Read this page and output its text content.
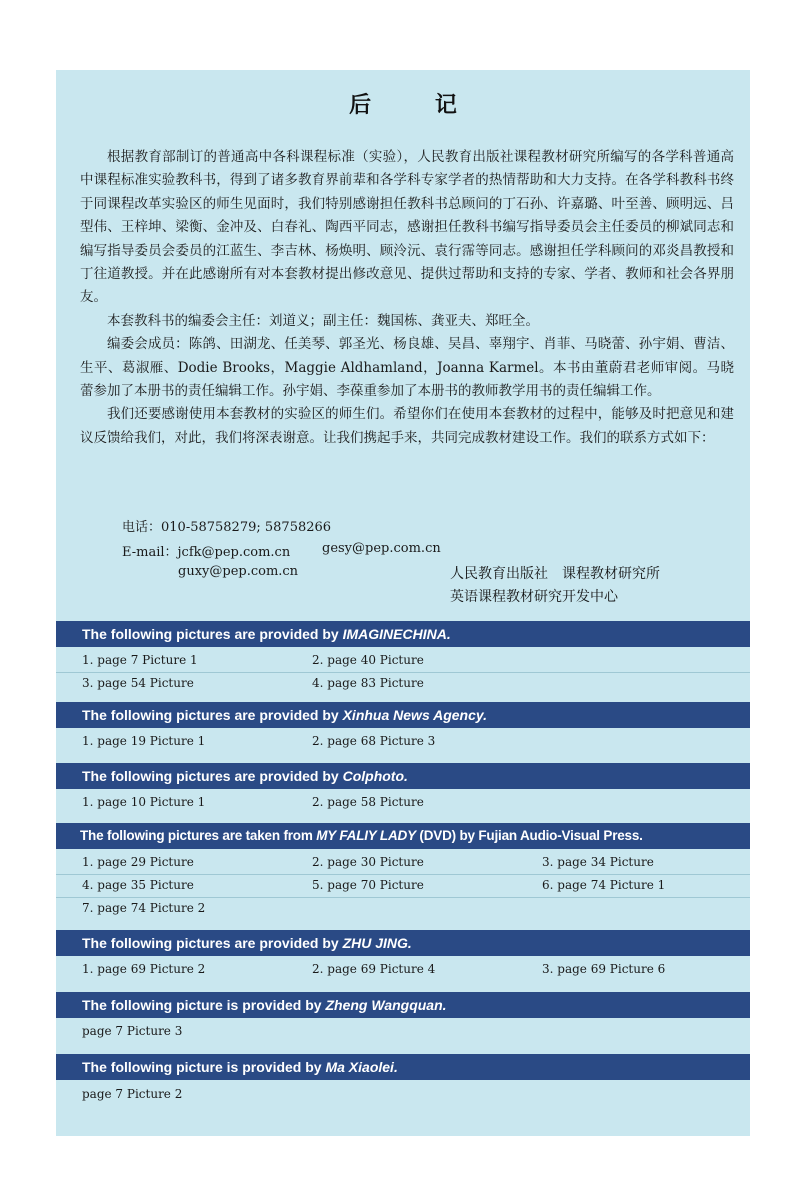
后 记

根据教育部制订的普通高中各科课程标准（实验），人民教育出版社课程教材研究所编写的各学科普通高中课程标准实验教科书，得到了诸多教育界前辈和各学科专家学者的热情帮助和大力支持。在各学科教科书终于同课程改革实验区的师生见面时，我们特别感谢担任教科书总顾问的丁石孙、许嘉璐、叶至善、顾明远、吕型伟、王梓坤、梁衡、金冲及、白春礼、陶西平同志，感谢担任教科书编写指导委员会主任委员的柳斌同志和编写指导委员会委员的江蓝生、李吉林、杨焕明、顾泠沅、袁行霈等同志。感谢担任学科顾问的邓炎昌教授和丁往道教授。并在此感谢所有对本套教材提出修改意见、提供过帮助和支持的专家、学者、教师和社会各界朋友。

本套教科书的编委会主任：刘道义；副主任：魏国栋、龚亚夫、郑旺全。

编委会成员：陈鸽、田湖龙、任美琴、郭圣光、杨良雄、吴昌、辜翔宇、肖菲、马晓蕾、孙宇娟、曹洁、生平、葛淑雁、Dodie Brooks，Maggie Aldhamland，Joanna Karmel。本书由董蔚君老师审阅。马晓蕾参加了本册书的责任编辑工作。孙宇娟、李葆重参加了本册书的教师教学用书的责任编辑工作。

我们还要感谢使用本套教材的实验区的师生们。希望你们在使用本套教材的过程中，能够及时把意见和建议反馈给我们，对此，我们将深表谢意。让我们携起手来，共同完成教材建设工作。我们的联系方式如下：

电话：010-58758279; 58758266
E-mail：jcfk@pep.com.cn gesy@pep.com.cn
guxy@pep.com.cn	人民教育出版社　课程教材研究所
英语课程教材研究开发中心
The following pictures are provided by IMAGINECHINA.
1. page 7 Picture 1	2. page 40 Picture
3. page 54 Picture	4. page 83 Picture
The following pictures are provided by Xinhua News Agency.
1. page 19 Picture 1	2. page 68 Picture 3
The following pictures are provided by Colphoto.
1. page 10 Picture 1	2. page 58 Picture
The following pictures are taken from MY FALIY LADY (DVD) by Fujian Audio-Visual Press.
1. page 29 Picture	2. page 30 Picture	3. page 34 Picture
4. page 35 Picture	5. page 70 Picture	6. page 74 Picture 1
7. page 74 Picture 2
The following pictures are provided by ZHU JING.
1. page 69 Picture 2	2. page 69 Picture 4	3. page 69 Picture 6
The following picture is provided by Zheng Wangquan.
page 7 Picture 3
The following picture is provided by Ma Xiaolei.
page 7 Picture 2
